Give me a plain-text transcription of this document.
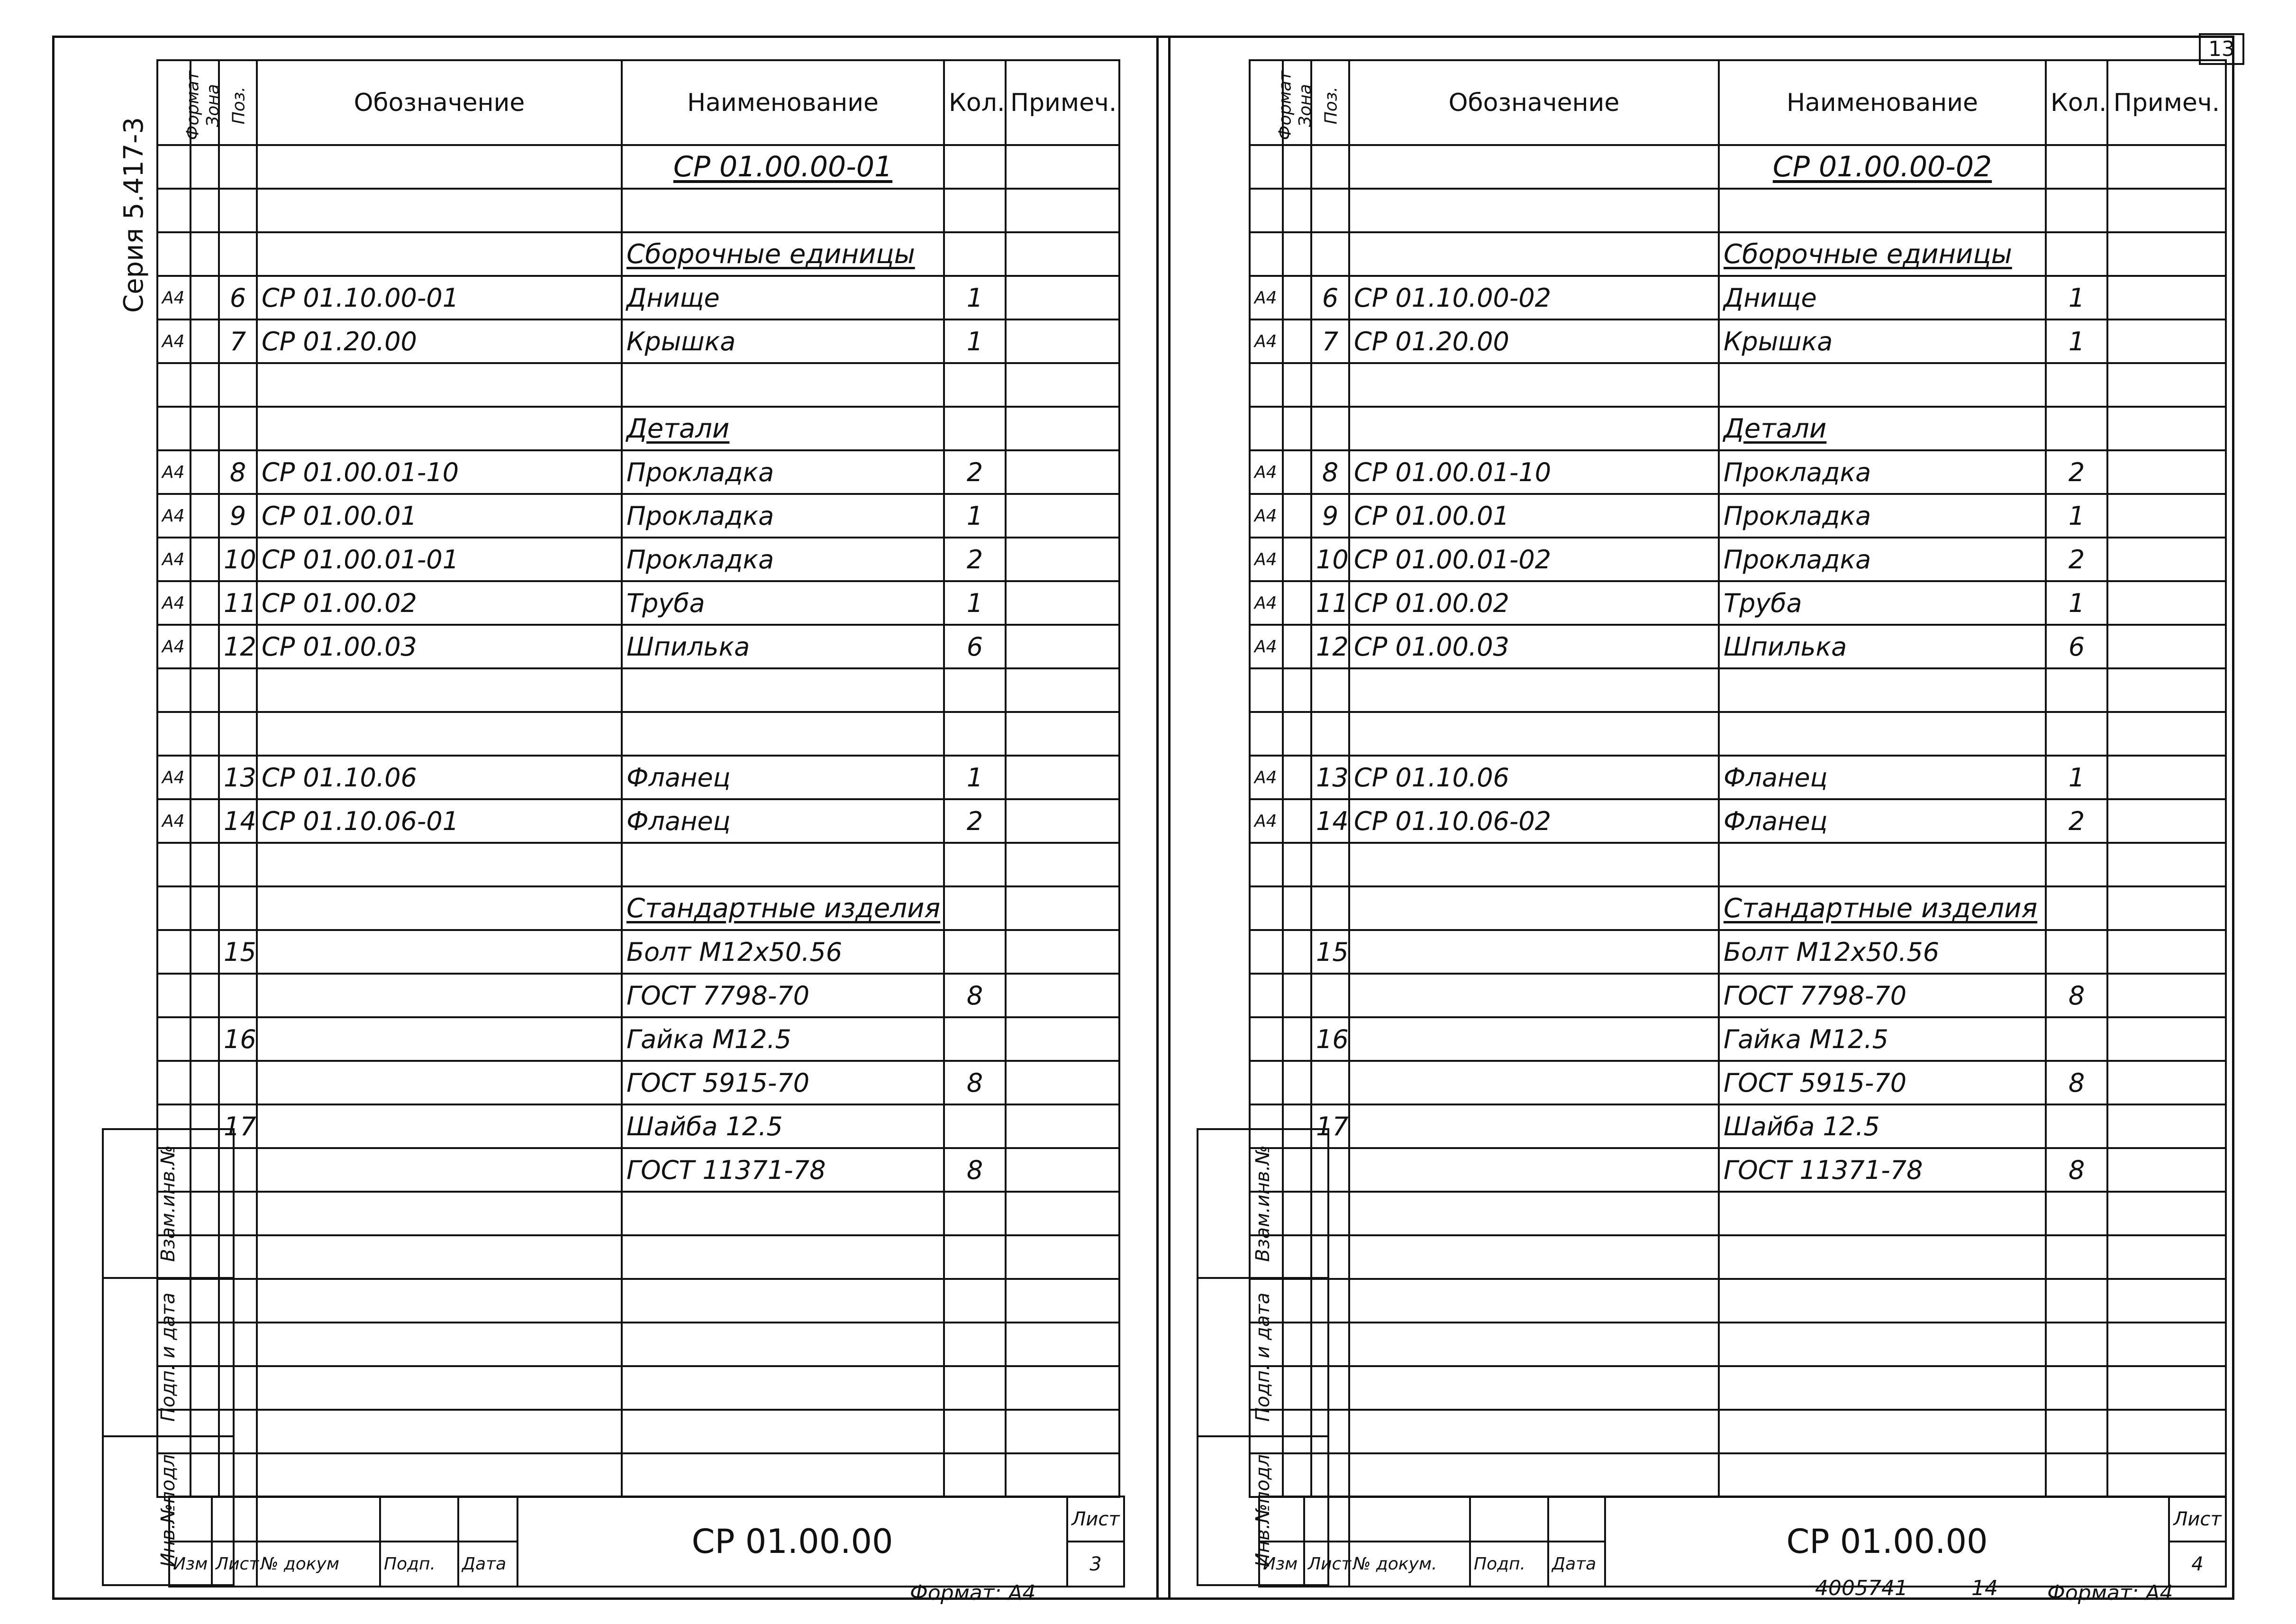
13
Серия 5.417-3
Формат	Зона	Поз.	Обозначение	Наименование	Кол.	Примеч.
				СР 01.00.00-01		

				Сборочные единицы		
А4		6	СР 01.10.00-01	Днище	1	
А4		7	СР 01.20.00	Крышка	1	

				Детали		
А4		8	СР 01.00.01-10	Прокладка	2	
А4		9	СР 01.00.01	Прокладка	1	
А4		10	СР 01.00.01-01	Прокладка	2	
А4		11	СР 01.00.02	Труба	1	
А4		12	СР 01.00.03	Шпилька	6	

А4		13	СР 01.10.06	Фланец	1	
А4		14	СР 01.10.06-01	Фланец	2	

				Стандартные изделия		
		15		Болт М12х50.56		
				ГОСТ 7798-70	8	
		16		Гайка М12.5		
				ГОСТ 5915-70	8	
		17		Шайба 12.5		
				ГОСТ 11371-78	8	

Взам.инв.№

Подп. и дата

Инв.№подл
						СР 01.00.00	Лист
Изм	Лист	№ докум	Подп.	Дата		3
Формат: А4
Формат	Зона	Поз.	Обозначение	Наименование	Кол.	Примеч.
				СР 01.00.00-02		

				Сборочные единицы		
А4		6	СР 01.10.00-02	Днище	1	
А4		7	СР 01.20.00	Крышка	1	

				Детали		
А4		8	СР 01.00.01-10	Прокладка	2	
А4		9	СР 01.00.01	Прокладка	1	
А4		10	СР 01.00.01-02	Прокладка	2	
А4		11	СР 01.00.02	Труба	1	
А4		12	СР 01.00.03	Шпилька	6	

А4		13	СР 01.10.06	Фланец	1	
А4		14	СР 01.10.06-02	Фланец	2	

				Стандартные изделия		
		15		Болт М12х50.56		
				ГОСТ 7798-70	8	
		16		Гайка М12.5		
				ГОСТ 5915-70	8	
		17		Шайба 12.5		
				ГОСТ 11371-78	8	

Взам.инв.№

Подп. и дата

Инв.№подл
						СР 01.00.00	Лист
Изм	Лист	№ докум.	Подп.	Дата		4
4005741	14 Формат: А4
